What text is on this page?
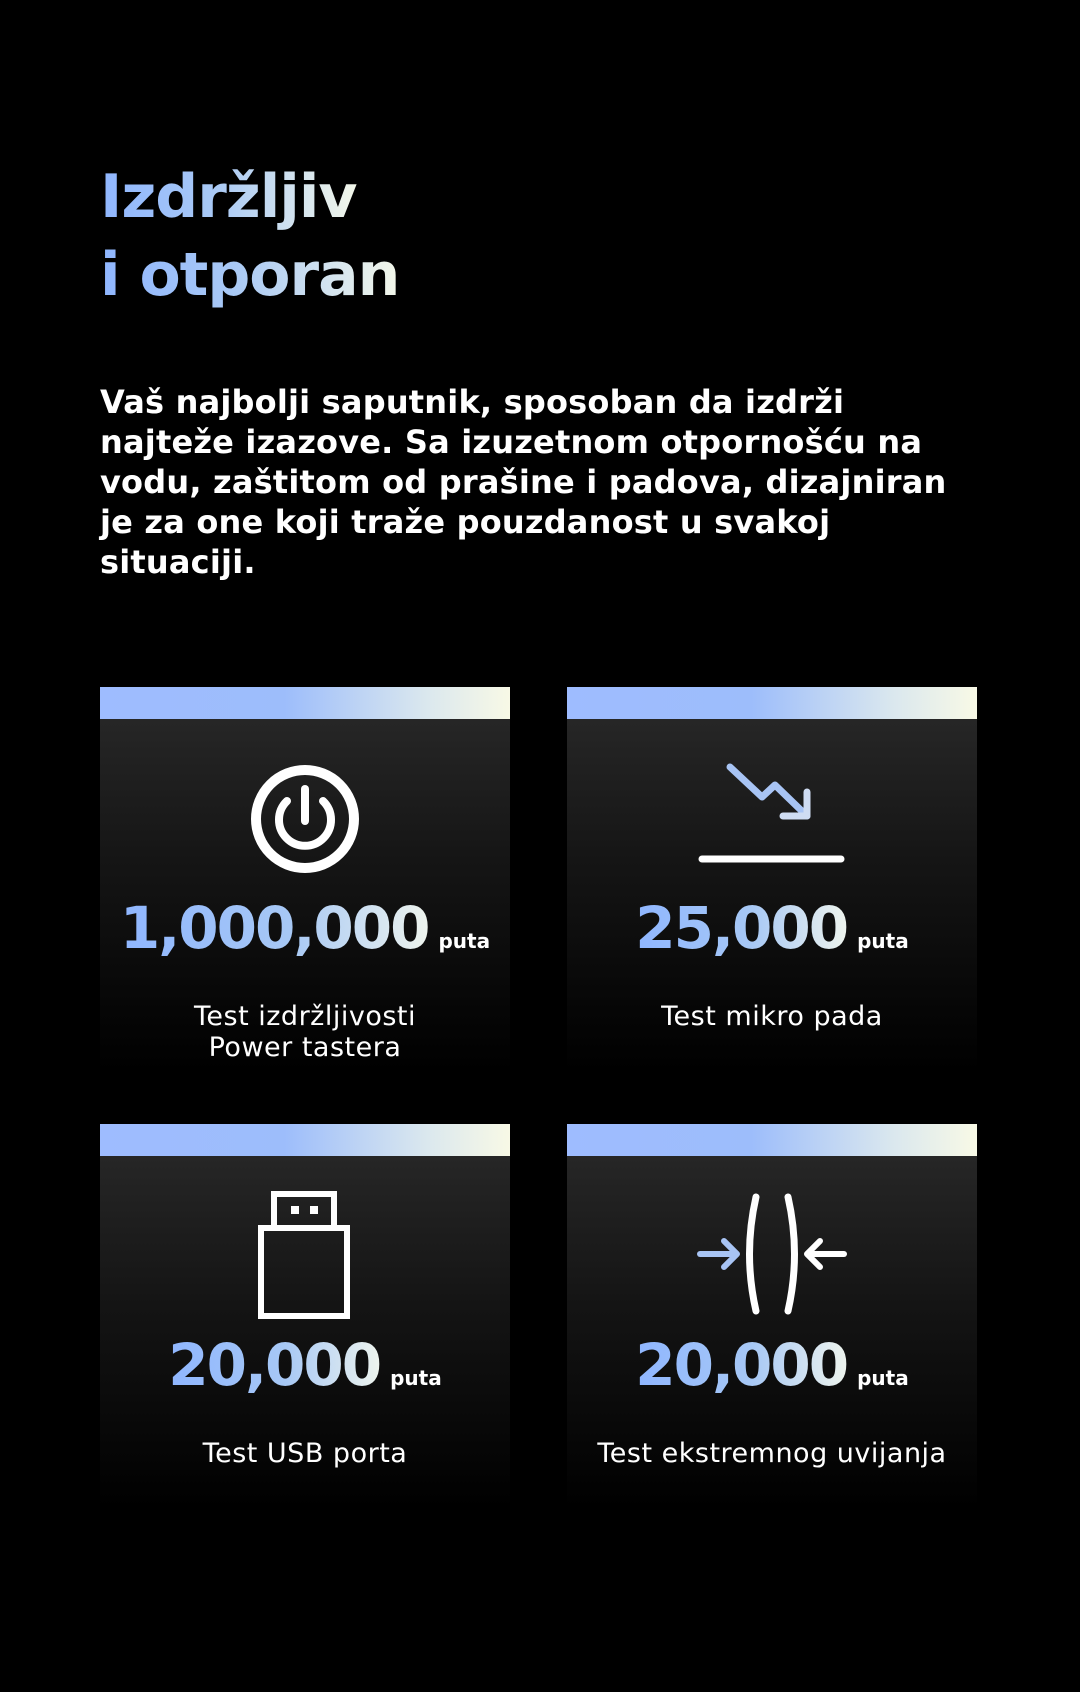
Izdržljiv
i otporan

Vaš najbolji saputnik, sposoban da izdrži najteže izazove. Sa izuzetnom otpornošću na vodu, zaštitom od prašine i padova, dizajniran je za one koji traže pouzdanost u svakoj situaciji.

1,000,000 puta
Test izdržljivosti
Power tastera
25,000 puta
Test mikro pada
20,000 puta
Test USB porta
20,000 puta
Test ekstremnog uvijanja
